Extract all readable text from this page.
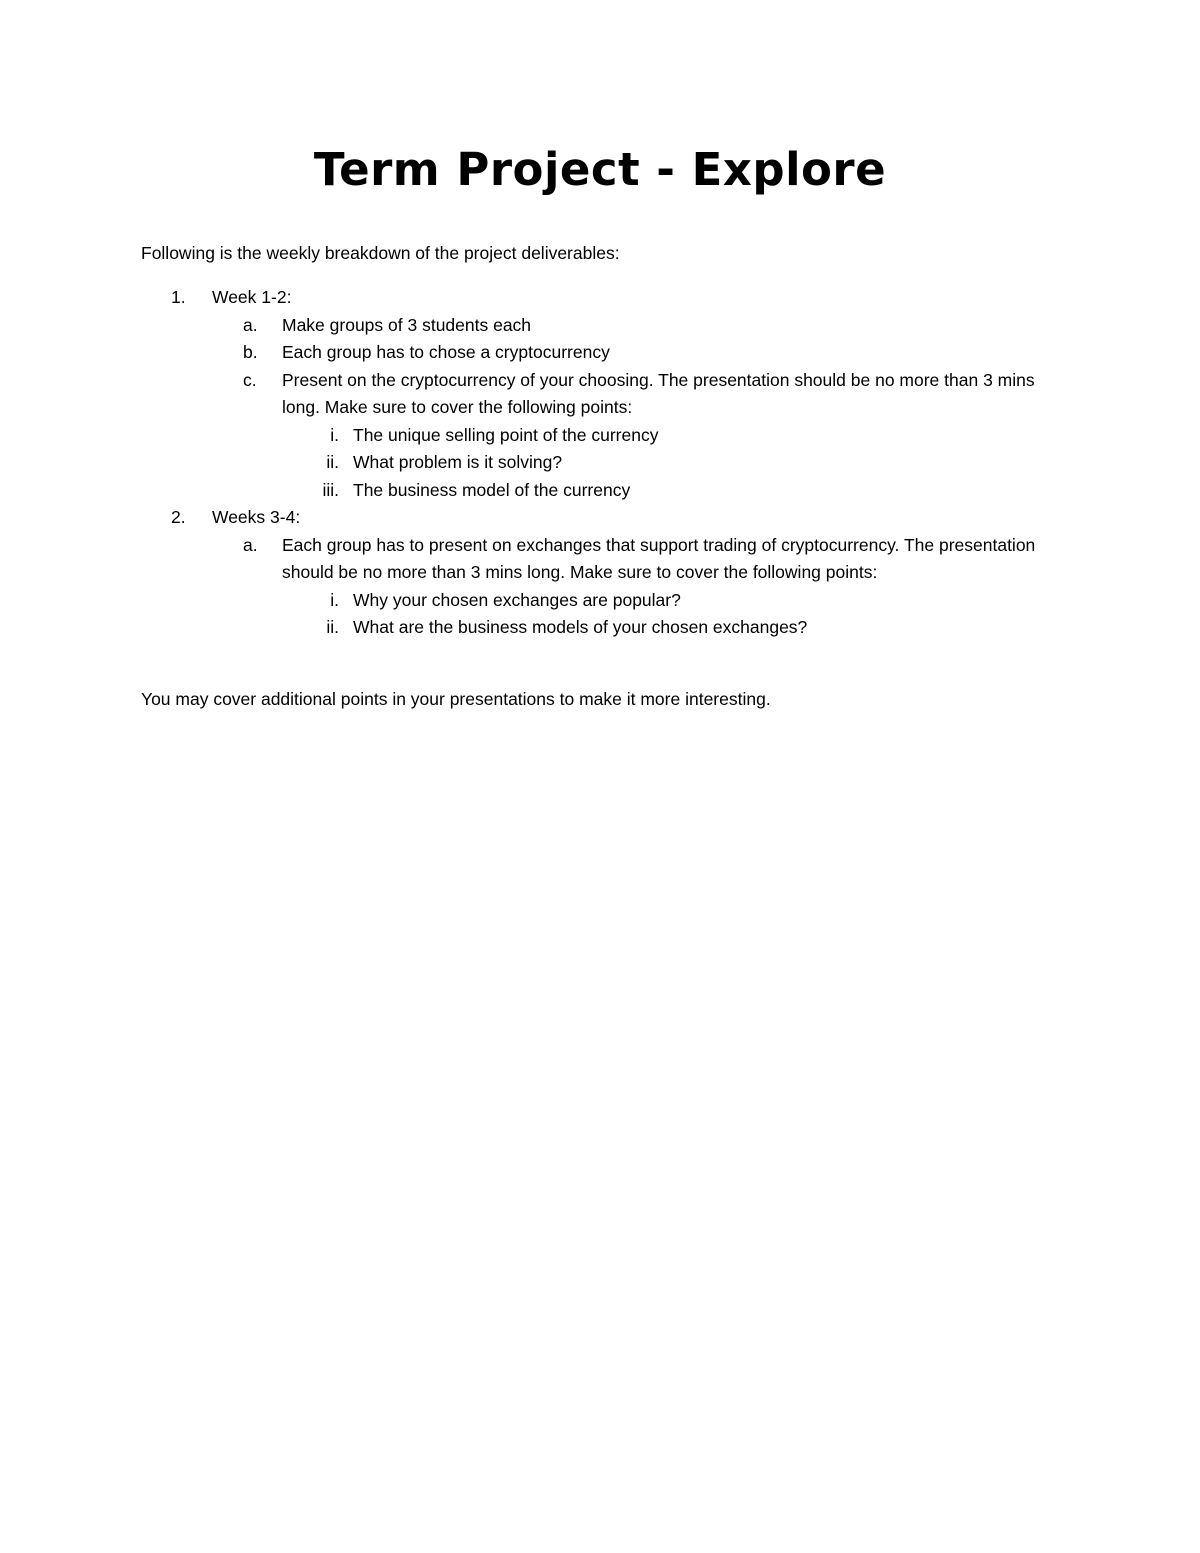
Term Project - Explore
Following is the weekly breakdown of the project deliverables:
1.	Week 1-2:
a.	Make groups of 3 students each
b.	Each group has to chose a cryptocurrency
c.	Present on the cryptocurrency of your choosing. The presentation should be no more than 3 mins long. Make sure to cover the following points:
i. The unique selling point of the currency
ii. What problem is it solving?
iii. The business model of the currency
2.	Weeks 3-4:
a.	Each group has to present on exchanges that support trading of cryptocurrency. The presentation should be no more than 3 mins long. Make sure to cover the following points:
i. Why your chosen exchanges are popular?
ii. What are the business models of your chosen exchanges?
You may cover additional points in your presentations to make it more interesting.
